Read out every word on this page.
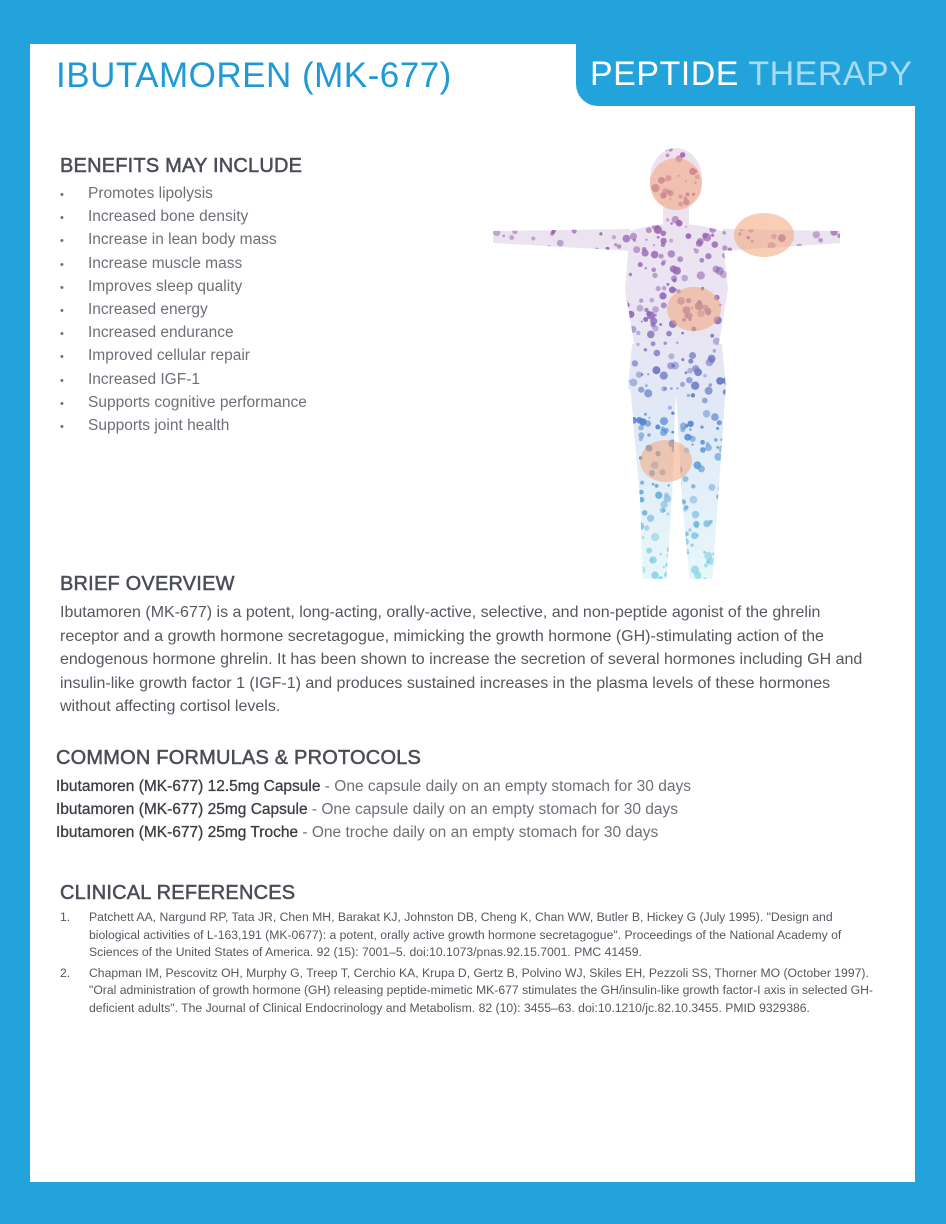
IBUTAMOREN (MK-677)	PEPTIDE THERAPY
BENEFITS MAY INCLUDE
• Promotes lipolysis
• Increased bone density
• Increase in lean body mass
• Increase muscle mass
• Improves sleep quality
• Increased energy
• Increased endurance
• Improved cellular repair
• Increased IGF-1
• Supports cognitive performance
• Supports joint health
BRIEF OVERVIEW
Ibutamoren (MK-677) is a potent, long-acting, orally-active, selective, and non-peptide agonist of the ghrelin receptor and a growth hormone secretagogue, mimicking the growth hormone (GH)-stimulating action of the endogenous hormone ghrelin. It has been shown to increase the secretion of several hormones including GH and insulin-like growth factor 1 (IGF-1) and produces sustained increases in the plasma levels of these hormones without affecting cortisol levels.
COMMON FORMULAS & PROTOCOLS
Ibutamoren (MK-677) 12.5mg Capsule - One capsule daily on an empty stomach for 30 days
Ibutamoren (MK-677) 25mg Capsule - One capsule daily on an empty stomach for 30 days
Ibutamoren (MK-677) 25mg Troche - One troche daily on an empty stomach for 30 days
CLINICAL REFERENCES
1. Patchett AA, Nargund RP, Tata JR, Chen MH, Barakat KJ, Johnston DB, Cheng K, Chan WW, Butler B, Hickey G (July 1995). "Design and biological activities of L-163,191 (MK-0677): a potent, orally active growth hormone secretagogue". Proceedings of the National Academy of Sciences of the United States of America. 92 (15): 7001–5. doi:10.1073/pnas.92.15.7001. PMC 41459.
2. Chapman IM, Pescovitz OH, Murphy G, Treep T, Cerchio KA, Krupa D, Gertz B, Polvino WJ, Skiles EH, Pezzoli SS, Thorner MO (October 1997). "Oral administration of growth hormone (GH) releasing peptide-mimetic MK-677 stimulates the GH/insulin-like growth factor-I axis in selected GH-deficient adults". The Journal of Clinical Endocrinology and Metabolism. 82 (10): 3455–63. doi:10.1210/jc.82.10.3455. PMID 9329386.
